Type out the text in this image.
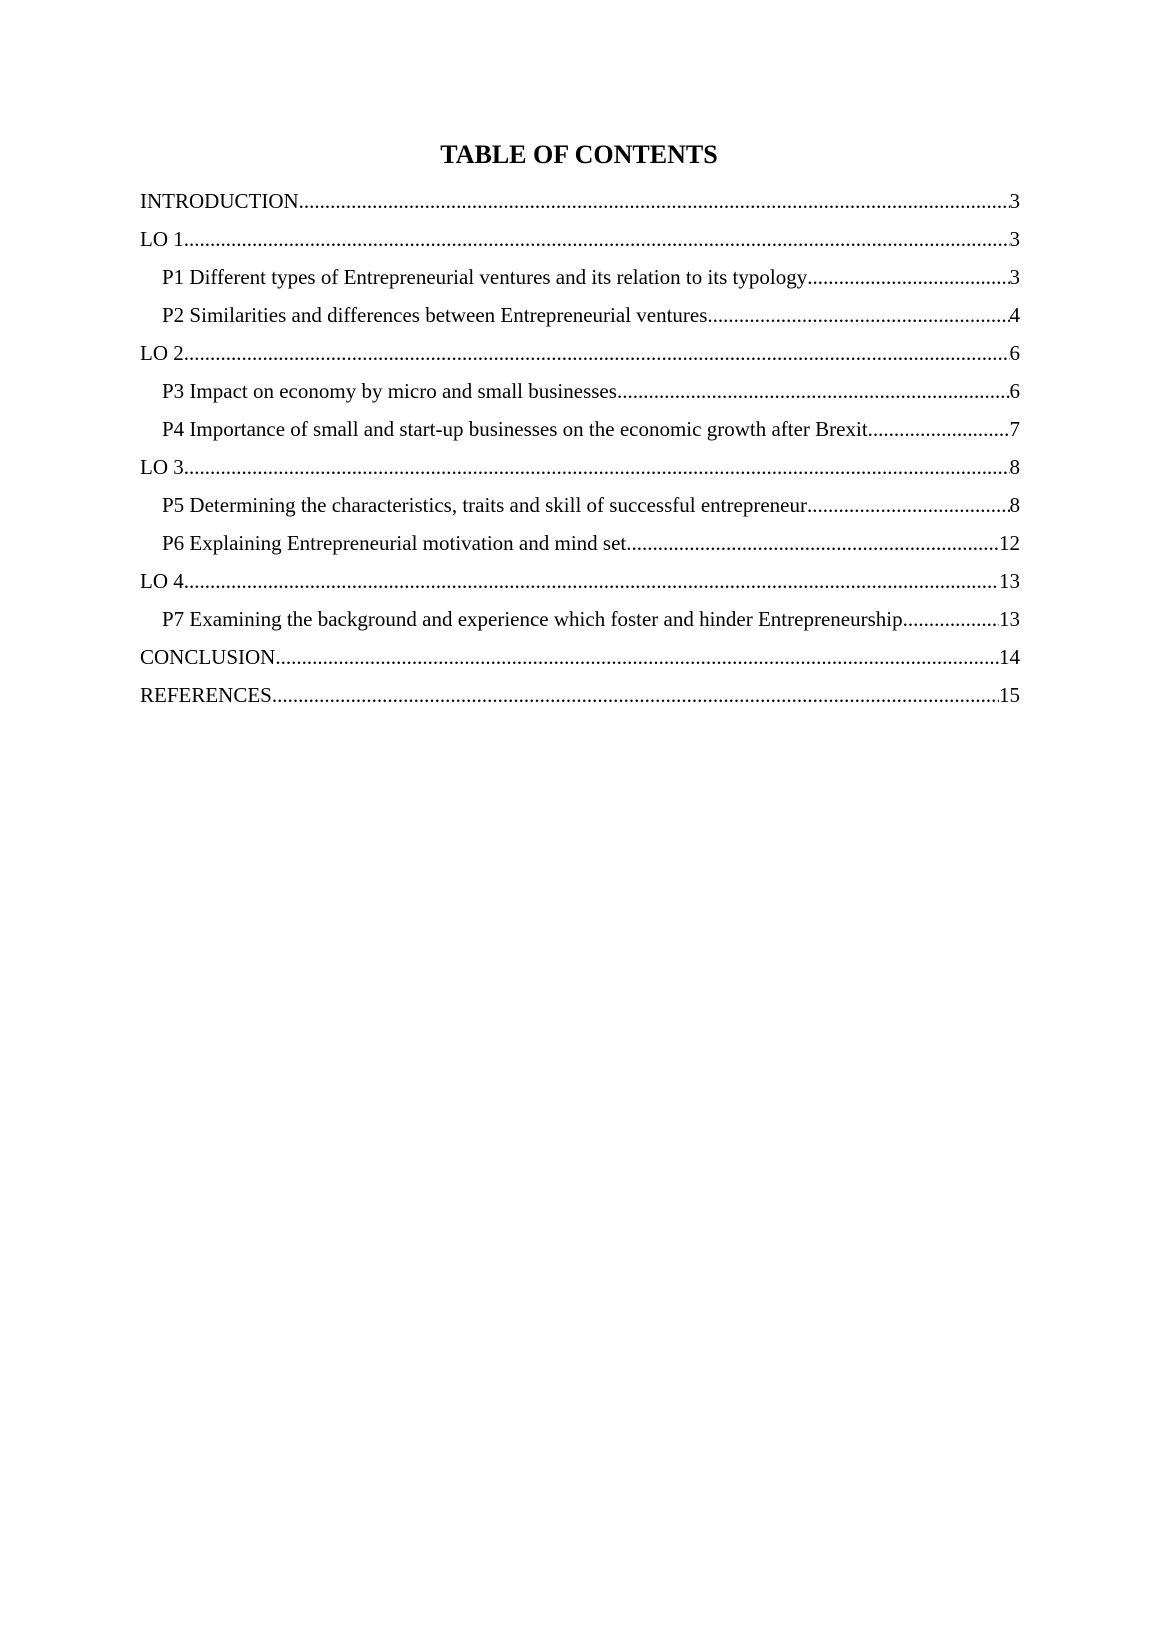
TABLE OF CONTENTS
INTRODUCTION .....	3
LO 1 .....	3
P1 Different types of Entrepreneurial ventures and its relation to its typology .....	3
P2 Similarities and differences between Entrepreneurial ventures .....	4
LO 2 .....	6
P3 Impact on economy by micro and small businesses .....	6
P4 Importance of small and start-up businesses on the economic growth after Brexit .....	7
LO 3 .....	8
P5 Determining the characteristics, traits and skill of successful entrepreneur .....	8
P6 Explaining Entrepreneurial motivation and mind set .....	12
LO 4 .....	13
P7 Examining the background and experience which foster and hinder Entrepreneurship. .....	13
CONCLUSION .....	14
REFERENCES .....	15
